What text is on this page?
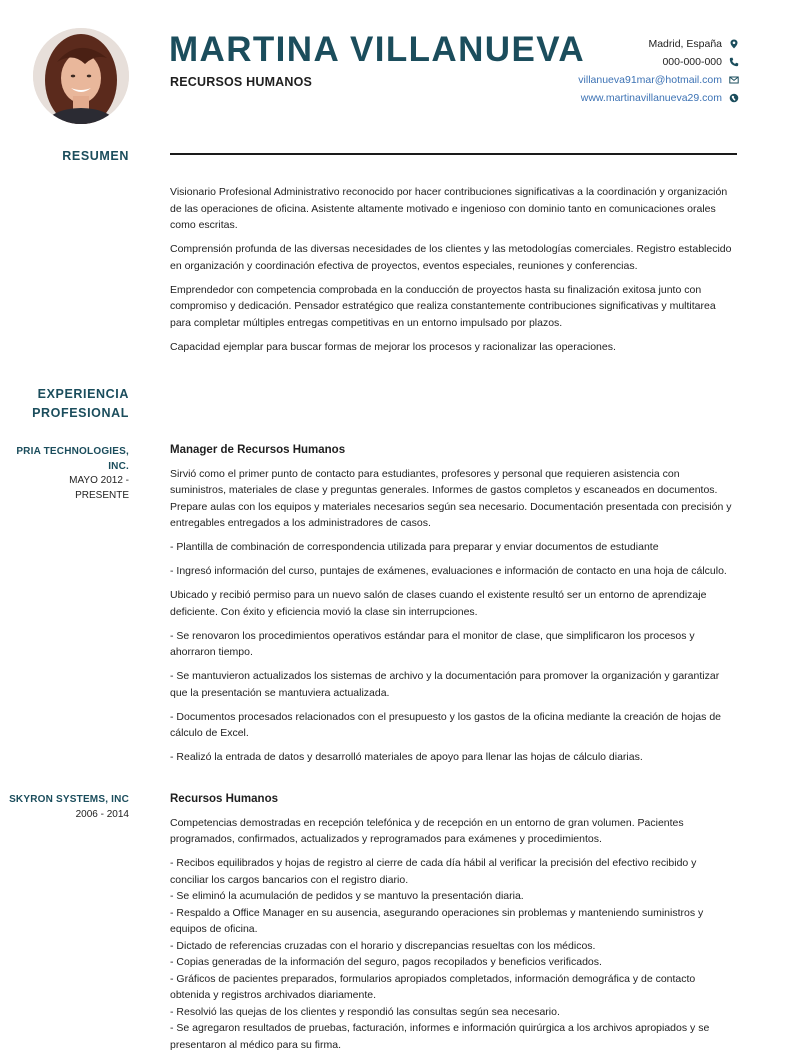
MARTINA VILLANUEVA
RECURSOS HUMANOS
Madrid, España
000-000-000
villanueva91mar@hotmail.com
www.martinavillanueva29.com
RESUMEN

Visionario Profesional Administrativo reconocido por hacer contribuciones significativas a la coordinación y organización de las operaciones de oficina. Asistente altamente motivado e ingenioso con dominio tanto en comunicaciones orales como escritas.

Comprensión profunda de las diversas necesidades de los clientes y las metodologías comerciales. Registro establecido en organización y coordinación efectiva de proyectos, eventos especiales, reuniones y conferencias.

Emprendedor con competencia comprobada en la conducción de proyectos hasta su finalización exitosa junto con compromiso y dedicación. Pensador estratégico que realiza constantemente contribuciones significativas y multitarea para completar múltiples entregas competitivas en un entorno impulsado por plazos.

Capacidad ejemplar para buscar formas de mejorar los procesos y racionalizar las operaciones.

EXPERIENCIA
PROFESIONAL
PRIA TECHNOLOGIES,
INC.
MAYO 2012 -
PRESENTE
Manager de Recursos Humanos

Sirvió como el primer punto de contacto para estudiantes, profesores y personal que requieren asistencia con suministros, materiales de clase y preguntas generales. Informes de gastos completos y escaneados en documentos. Prepare aulas con los equipos y materiales necesarios según sea necesario. Documentación presentada con precisión y entregables entregados a los administradores de casos.

- Plantilla de combinación de correspondencia utilizada para preparar y enviar documentos de estudiante

- Ingresó información del curso, puntajes de exámenes, evaluaciones e información de contacto en una hoja de cálculo.

Ubicado y recibió permiso para un nuevo salón de clases cuando el existente resultó ser un entorno de aprendizaje deficiente. Con éxito y eficiencia movió la clase sin interrupciones.

- Se renovaron los procedimientos operativos estándar para el monitor de clase, que simplificaron los procesos y ahorraron tiempo.

- Se mantuvieron actualizados los sistemas de archivo y la documentación para promover la organización y garantizar que la presentación se mantuviera actualizada.

- Documentos procesados relacionados con el presupuesto y los gastos de la oficina mediante la creación de hojas de cálculo de Excel.

- Realizó la entrada de datos y desarrolló materiales de apoyo para llenar las hojas de cálculo diarias.

SKYRON SYSTEMS, INC
2006 - 2014
Recursos Humanos

Competencias demostradas en recepción telefónica y de recepción en un entorno de gran volumen. Pacientes programados, confirmados, actualizados y reprogramados para exámenes y procedimientos.

- Recibos equilibrados y hojas de registro al cierre de cada día hábil al verificar la precisión del efectivo recibido y conciliar los cargos bancarios con el registro diario.

- Se eliminó la acumulación de pedidos y se mantuvo la presentación diaria.

- Respaldo a Office Manager en su ausencia, asegurando operaciones sin problemas y manteniendo suministros y equipos de oficina.

- Dictado de referencias cruzadas con el horario y discrepancias resueltas con los médicos.

- Copias generadas de la información del seguro, pagos recopilados y beneficios verificados.

- Gráficos de pacientes preparados, formularios apropiados completados, información demográfica y de contacto obtenida y registros archivados diariamente.

- Resolvió las quejas de los clientes y respondió las consultas según sea necesario.

- Se agregaron resultados de pruebas, facturación, informes e información quirúrgica a los archivos apropiados y se presentaron al médico para su firma.
